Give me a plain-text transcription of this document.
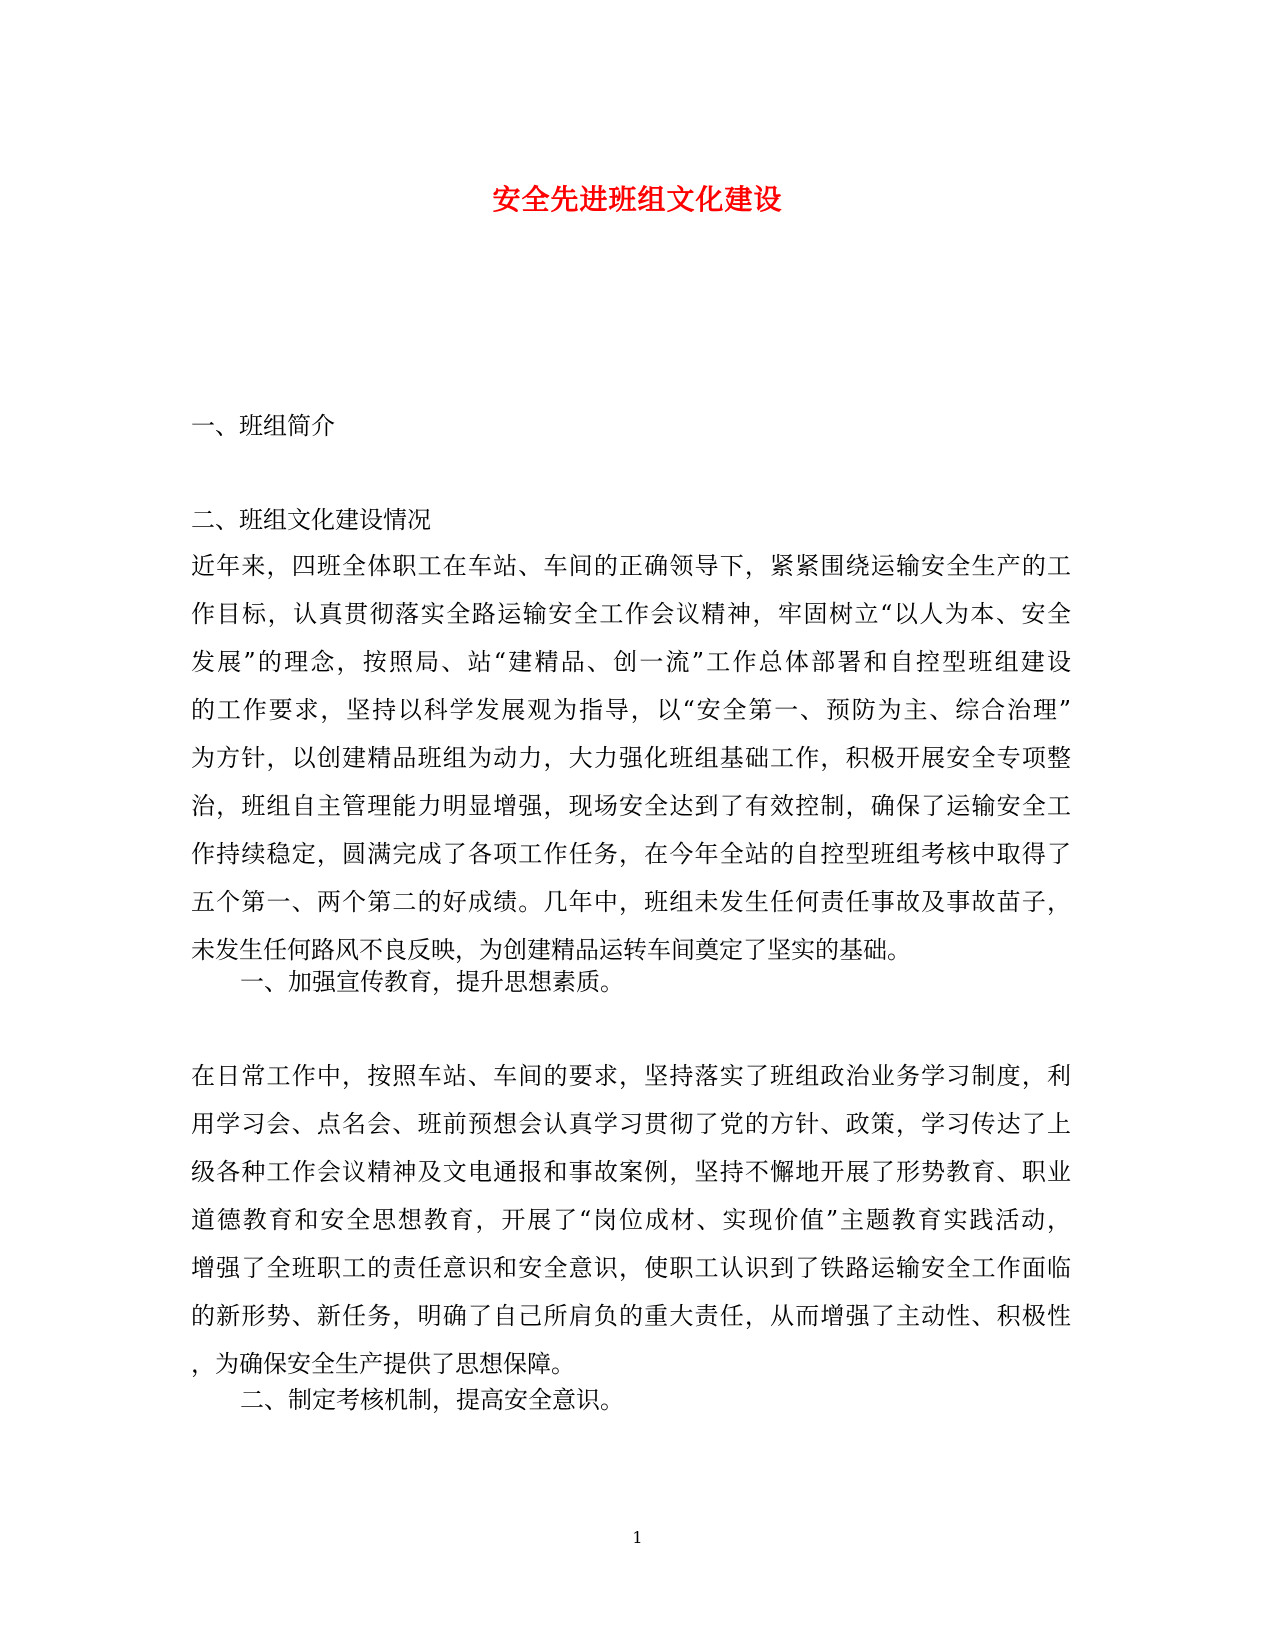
安全先进班组文化建设
一、班组简介
二、班组文化建设情况
近年来，四班全体职工在车站、车间的正确领导下，紧紧围绕运输安全生产的工
作目标，认真贯彻落实全路运输安全工作会议精神，牢固树立“以人为本、安全
发展”的理念，按照局、站“建精品、创一流”工作总体部署和自控型班组建设
的工作要求，坚持以科学发展观为指导，以“安全第一、预防为主、综合治理”
为方针，以创建精品班组为动力，大力强化班组基础工作，积极开展安全专项整
治，班组自主管理能力明显增强，现场安全达到了有效控制，确保了运输安全工
作持续稳定，圆满完成了各项工作任务，在今年全站的自控型班组考核中取得了
五个第一、两个第二的好成绩。几年中，班组未发生任何责任事故及事故苗子，
未发生任何路风不良反映，为创建精品运转车间奠定了坚实的基础。
一、加强宣传教育，提升思想素质。
在日常工作中，按照车站、车间的要求，坚持落实了班组政治业务学习制度，利
用学习会、点名会、班前预想会认真学习贯彻了党的方针、政策，学习传达了上
级各种工作会议精神及文电通报和事故案例，坚持不懈地开展了形势教育、职业
道德教育和安全思想教育，开展了“岗位成材、实现价值”主题教育实践活动，
增强了全班职工的责任意识和安全意识，使职工认识到了铁路运输安全工作面临
的新形势、新任务，明确了自己所肩负的重大责任，从而增强了主动性、积极性
，为确保安全生产提供了思想保障。
二、制定考核机制，提高安全意识。
1
